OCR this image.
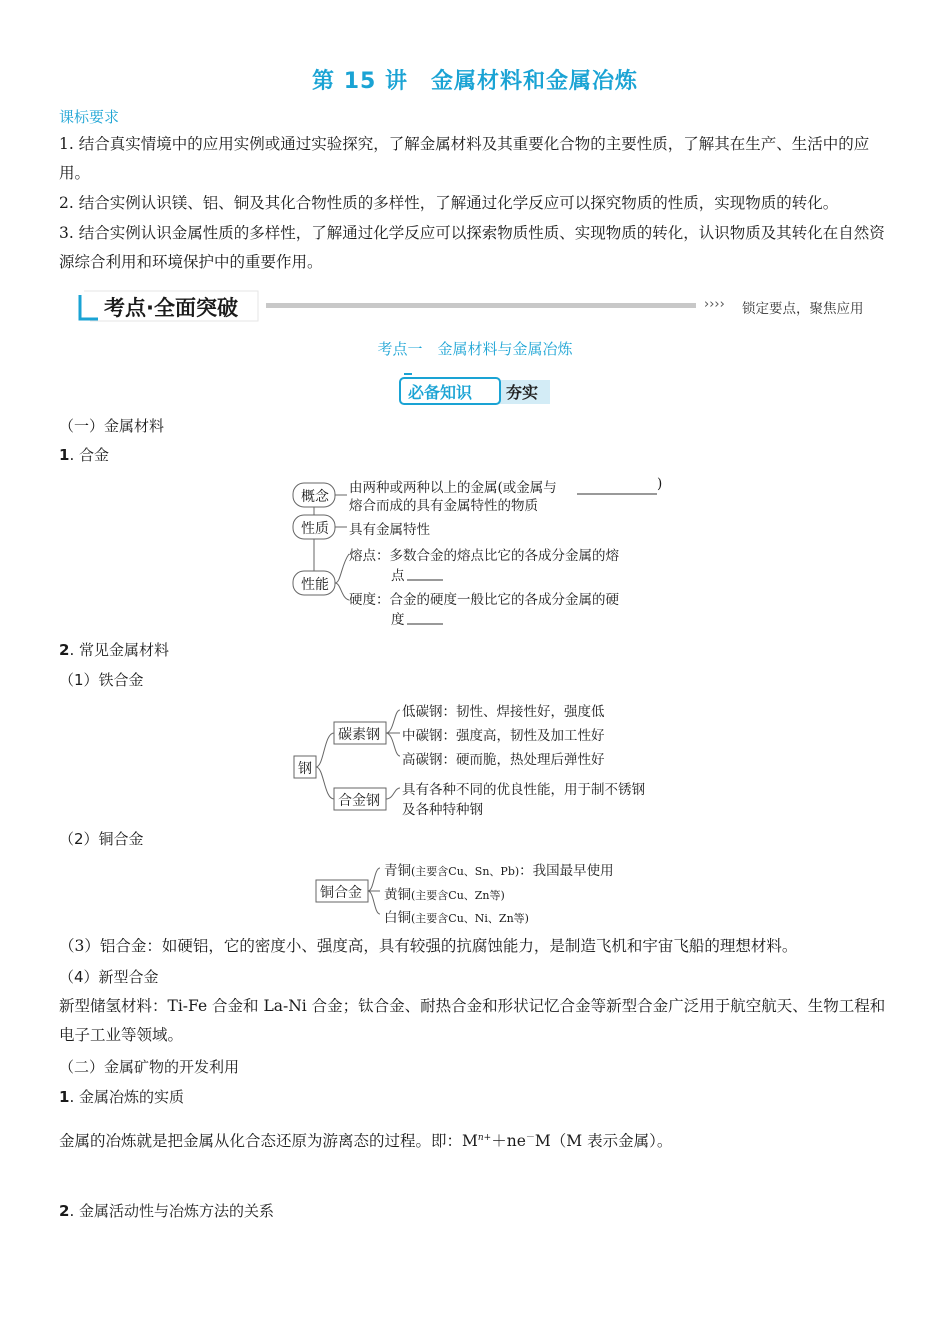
第 15 讲　金属材料和金属冶炼
课标要求
1. 结合真实情境中的应用实例或通过实验探究，了解金属材料及其重要化合物的主要性质，了解其在生产、生活中的应用。
2. 结合实例认识镁、铝、铜及其化合物性质的多样性，了解通过化学反应可以探究物质的性质，实现物质的转化。
3. 结合实例认识金属性质的多样性，了解通过化学反应可以探索物质性质、实现物质的转化，认识物质及其转化在自然资源综合利用和环境保护中的重要作用。
考点·全面突破	›››› 锁定要点，聚焦应用
考点一　金属材料与金属冶炼
必备知识 夯实
（一）金属材料
1. 合金
概念
性质
性能
由两种或两种以上的金属(或金属与	)
熔合而成的具有金属特性的物质
具有金属特性
熔点：多数合金的熔点比它的各成分金属的熔
点
硬度：合金的硬度一般比它的各成分金属的硬
度
2. 常见金属材料
（1）铁合金
钢
碳素钢
合金钢
低碳钢：韧性、焊接性好，强度低
中碳钢：强度高，韧性及加工性好
高碳钢：硬而脆，热处理后弹性好
具有各种不同的优良性能，用于制不锈钢
及各种特种钢
（2）铜合金
铜合金
青铜(主要含Cu、Sn、Pb)：我国最早使用
黄铜(主要含Cu、Zn等)
白铜(主要含Cu、Ni、Zn等)
（3）铝合金：如硬铝，它的密度小、强度高，具有较强的抗腐蚀能力，是制造飞机和宇宙飞船的理想材料。
（4）新型合金
新型储氢材料：Ti-Fe 合金和 La-Ni 合金；钛合金、耐热合金和形状记忆合金等新型合金广泛用于航空航天、生物工程和电子工业等领域。
（二）金属矿物的开发利用
1. 金属冶炼的实质
金属的冶炼就是把金属从化合态还原为游离态的过程。即：$M^{n+}+ne^-M(M$ 表示金属）。
2. 金属活动性与冶炼方法的关系
